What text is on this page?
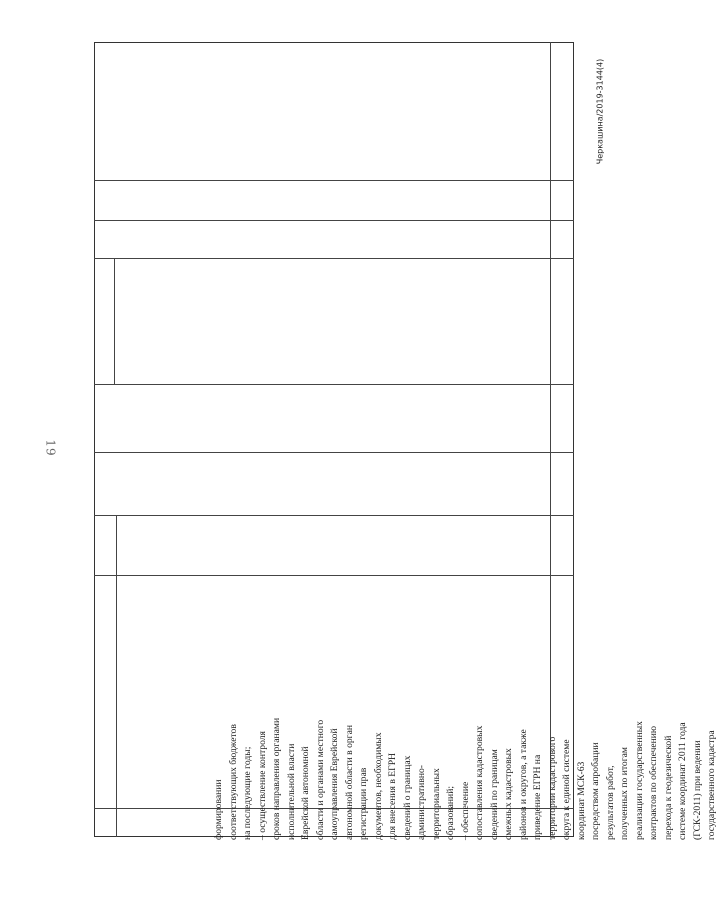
19
Черкашина/2019-3144(4)
формировании соответствующих бюджетов на последующие годы; – осуществление контроля сроков направления органами исполнительной власти Еврейской автономной области и органами местного самоуправления Еврейской автономной области в орган регистрации прав документов, необходимых для внесения в ЕГРН сведений о границах административно- территориальных образований; – обеспечение сопоставления кадастровых сведений по границам смежных кадастровых районов и округов, а также приведение ЕГРН на территории кадастрового округа к единой системе координат МСК-63 посредством апробации результатов работ, полученных по итогам реализации государственных контрактов по обеспечению перехода к геодезической системе координат 2011 года (ГСК-2011) при ведении государственного кадастра
